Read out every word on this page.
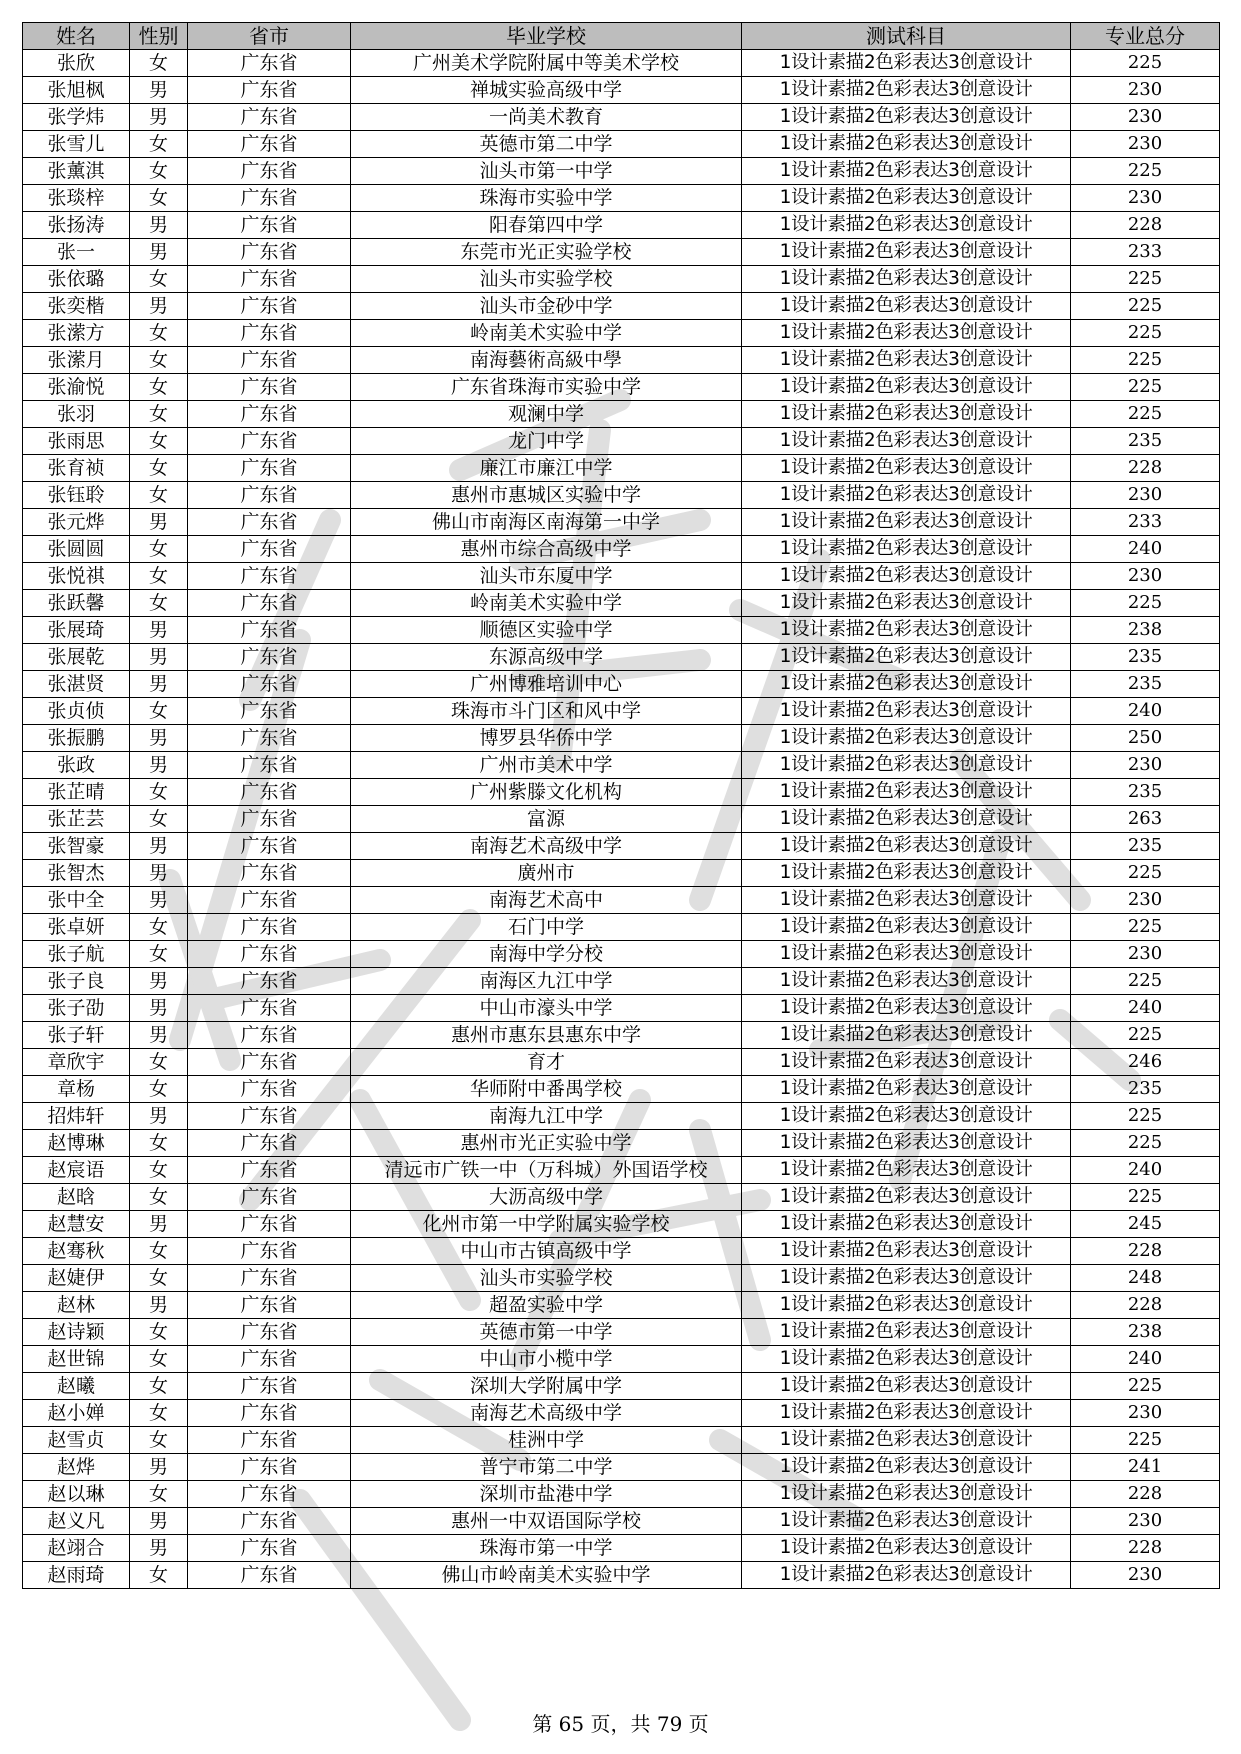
姓名	性别	省市	毕业学校	测试科目	专业总分
张欣	女	广东省	广州美术学院附属中等美术学校	1设计素描2色彩表达3创意设计	225
张旭枫	男	广东省	禅城实验高级中学	1设计素描2色彩表达3创意设计	230
张学炜	男	广东省	一尚美术教育	1设计素描2色彩表达3创意设计	230
张雪儿	女	广东省	英德市第二中学	1设计素描2色彩表达3创意设计	230
张薰淇	女	广东省	汕头市第一中学	1设计素描2色彩表达3创意设计	225
张琰梓	女	广东省	珠海市实验中学	1设计素描2色彩表达3创意设计	230
张扬涛	男	广东省	阳春第四中学	1设计素描2色彩表达3创意设计	228
张一	男	广东省	东莞市光正实验学校	1设计素描2色彩表达3创意设计	233
张依璐	女	广东省	汕头市实验学校	1设计素描2色彩表达3创意设计	225
张奕楷	男	广东省	汕头市金砂中学	1设计素描2色彩表达3创意设计	225
张潆方	女	广东省	岭南美术实验中学	1设计素描2色彩表达3创意设计	225
张潆月	女	广东省	南海藝術高級中學	1设计素描2色彩表达3创意设计	225
张渝悦	女	广东省	广东省珠海市实验中学	1设计素描2色彩表达3创意设计	225
张羽	女	广东省	观澜中学	1设计素描2色彩表达3创意设计	225
张雨思	女	广东省	龙门中学	1设计素描2色彩表达3创意设计	235
张育祯	女	广东省	廉江市廉江中学	1设计素描2色彩表达3创意设计	228
张钰聆	女	广东省	惠州市惠城区实验中学	1设计素描2色彩表达3创意设计	230
张元烨	男	广东省	佛山市南海区南海第一中学	1设计素描2色彩表达3创意设计	233
张圆圆	女	广东省	惠州市综合高级中学	1设计素描2色彩表达3创意设计	240
张悦祺	女	广东省	汕头市东厦中学	1设计素描2色彩表达3创意设计	230
张跃馨	女	广东省	岭南美术实验中学	1设计素描2色彩表达3创意设计	225
张展琦	男	广东省	顺德区实验中学	1设计素描2色彩表达3创意设计	238
张展乾	男	广东省	东源高级中学	1设计素描2色彩表达3创意设计	235
张湛贤	男	广东省	广州博雅培训中心	1设计素描2色彩表达3创意设计	235
张贞侦	女	广东省	珠海市斗门区和风中学	1设计素描2色彩表达3创意设计	240
张振鹏	男	广东省	博罗县华侨中学	1设计素描2色彩表达3创意设计	250
张政	男	广东省	广州市美术中学	1设计素描2色彩表达3创意设计	230
张芷晴	女	广东省	广州紫滕文化机构	1设计素描2色彩表达3创意设计	235
张芷芸	女	广东省	富源	1设计素描2色彩表达3创意设计	263
张智豪	男	广东省	南海艺术高级中学	1设计素描2色彩表达3创意设计	235
张智杰	男	广东省	廣州市	1设计素描2色彩表达3创意设计	225
张中全	男	广东省	南海艺术高中	1设计素描2色彩表达3创意设计	230
张卓妍	女	广东省	石门中学	1设计素描2色彩表达3创意设计	225
张子航	女	广东省	南海中学分校	1设计素描2色彩表达3创意设计	230
张子良	男	广东省	南海区九江中学	1设计素描2色彩表达3创意设计	225
张子劭	男	广东省	中山市濠头中学	1设计素描2色彩表达3创意设计	240
张子轩	男	广东省	惠州市惠东县惠东中学	1设计素描2色彩表达3创意设计	225
章欣宇	女	广东省	育才	1设计素描2色彩表达3创意设计	246
章杨	女	广东省	华师附中番禺学校	1设计素描2色彩表达3创意设计	235
招炜轩	男	广东省	南海九江中学	1设计素描2色彩表达3创意设计	225
赵博琳	女	广东省	惠州市光正实验中学	1设计素描2色彩表达3创意设计	225
赵宸语	女	广东省	清远市广铁一中（万科城）外国语学校	1设计素描2色彩表达3创意设计	240
赵晗	女	广东省	大沥高级中学	1设计素描2色彩表达3创意设计	225
赵慧安	男	广东省	化州市第一中学附属实验学校	1设计素描2色彩表达3创意设计	245
赵骞秋	女	广东省	中山市古镇高级中学	1设计素描2色彩表达3创意设计	228
赵婕伊	女	广东省	汕头市实验学校	1设计素描2色彩表达3创意设计	248
赵林	男	广东省	超盈实验中学	1设计素描2色彩表达3创意设计	228
赵诗颖	女	广东省	英德市第一中学	1设计素描2色彩表达3创意设计	238
赵世锦	女	广东省	中山市小榄中学	1设计素描2色彩表达3创意设计	240
赵曦	女	广东省	深圳大学附属中学	1设计素描2色彩表达3创意设计	225
赵小婵	女	广东省	南海艺术高级中学	1设计素描2色彩表达3创意设计	230
赵雪贞	女	广东省	桂洲中学	1设计素描2色彩表达3创意设计	225
赵烨	男	广东省	普宁市第二中学	1设计素描2色彩表达3创意设计	241
赵以琳	女	广东省	深圳市盐港中学	1设计素描2色彩表达3创意设计	228
赵义凡	男	广东省	惠州一中双语国际学校	1设计素描2色彩表达3创意设计	230
赵翊合	男	广东省	珠海市第一中学	1设计素描2色彩表达3创意设计	228
赵雨琦	女	广东省	佛山市岭南美术实验中学	1设计素描2色彩表达3创意设计	230
第 65 页，共 79 页
